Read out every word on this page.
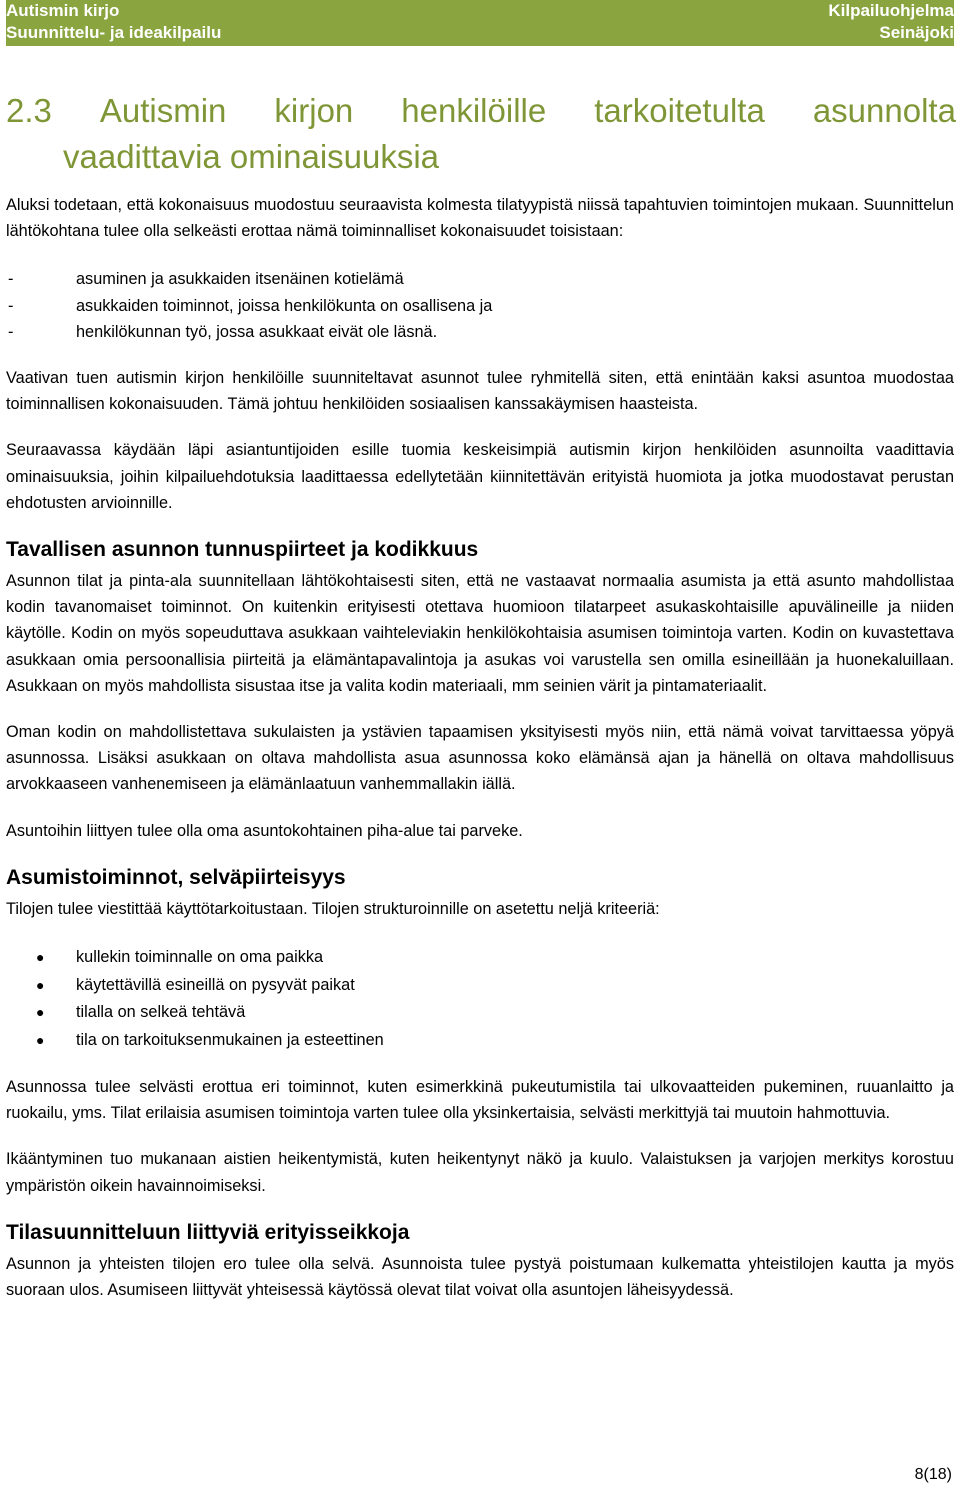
Autismin kirjo
Suunnittelu- ja ideakilpailu
Kilpailuohjelma
Seinäjoki
2.3 Autismin kirjon henkilöille tarkoitetulta asunnolta
vaadittavia ominaisuuksia

Aluksi todetaan, että kokonaisuus muodostuu seuraavista kolmesta tilatyypistä niissä tapahtuvien toimintojen mukaan. Suunnittelun lähtökohtana tulee olla selkeästi erottaa nämä toiminnalliset kokonaisuudet toisistaan:

-	asuminen ja asukkaiden itsenäinen kotielämä
-	asukkaiden toiminnot, joissa henkilökunta on osallisena ja
-	henkilökunnan työ, jossa asukkaat eivät ole läsnä.

Vaativan tuen autismin kirjon henkilöille suunniteltavat asunnot tulee ryhmitellä siten, että enintään kaksi asuntoa muodostaa toiminnallisen kokonaisuuden. Tämä johtuu henkilöiden sosiaalisen kanssakäymisen haasteista.

Seuraavassa käydään läpi asiantuntijoiden esille tuomia keskeisimpiä autismin kirjon henkilöiden asunnoilta vaadittavia ominaisuuksia, joihin kilpailuehdotuksia laadittaessa edellytetään kiinnitettävän erityistä huomiota ja jotka muodostavat perustan ehdotusten arvioinnille.

Tavallisen asunnon tunnuspiirteet ja kodikkuus

Asunnon tilat ja pinta-ala suunnitellaan lähtökohtaisesti siten, että ne vastaavat normaalia asumista ja että asunto mahdollistaa kodin tavanomaiset toiminnot. On kuitenkin erityisesti otettava huomioon tilatarpeet asukaskohtaisille apuvälineille ja niiden käytölle. Kodin on myös sopeuduttava asukkaan vaihteleviakin henkilökohtaisia asumisen toimintoja varten. Kodin on kuvastettava asukkaan omia persoonallisia piirteitä ja elämäntapavalintoja ja asukas voi varustella sen omilla esineillään ja huonekaluillaan. Asukkaan on myös mahdollista sisustaa itse ja valita kodin materiaali, mm seinien värit ja pintamateriaalit.

Oman kodin on mahdollistettava sukulaisten ja ystävien tapaamisen yksityisesti myös niin, että nämä voivat tarvittaessa yöpyä asunnossa. Lisäksi asukkaan on oltava mahdollista asua asunnossa koko elämänsä ajan ja hänellä on oltava mahdollisuus arvokkaaseen vanhenemiseen ja elämänlaatuun vanhemmallakin iällä.

Asuntoihin liittyen tulee olla oma asuntokohtainen piha-alue tai parveke.

Asumistoiminnot, selväpiirteisyys

Tilojen tulee viestittää käyttötarkoitustaan. Tilojen strukturoinnille on asetettu neljä kriteeriä:

● kullekin toiminnalle on oma paikka
● käytettävillä esineillä on pysyvät paikat
● tilalla on selkeä tehtävä
● tila on tarkoituksenmukainen ja esteettinen

Asunnossa tulee selvästi erottua eri toiminnot, kuten esimerkkinä pukeutumistila tai ulkovaatteiden pukeminen, ruuanlaitto ja ruokailu, yms. Tilat erilaisia asumisen toimintoja varten tulee olla yksinkertaisia, selvästi merkittyjä tai muutoin hahmottuvia.

Ikääntyminen tuo mukanaan aistien heikentymistä, kuten heikentynyt näkö ja kuulo. Valaistuksen ja varjojen merkitys korostuu ympäristön oikein havainnoimiseksi.

Tilasuunnitteluun liittyviä erityisseikkoja

Asunnon ja yhteisten tilojen ero tulee olla selvä. Asunnoista tulee pystyä poistumaan kulkematta yhteistilojen kautta ja myös suoraan ulos. Asumiseen liittyvät yhteisessä käytössä olevat tilat voivat olla asuntojen läheisyydessä.

8(18)
